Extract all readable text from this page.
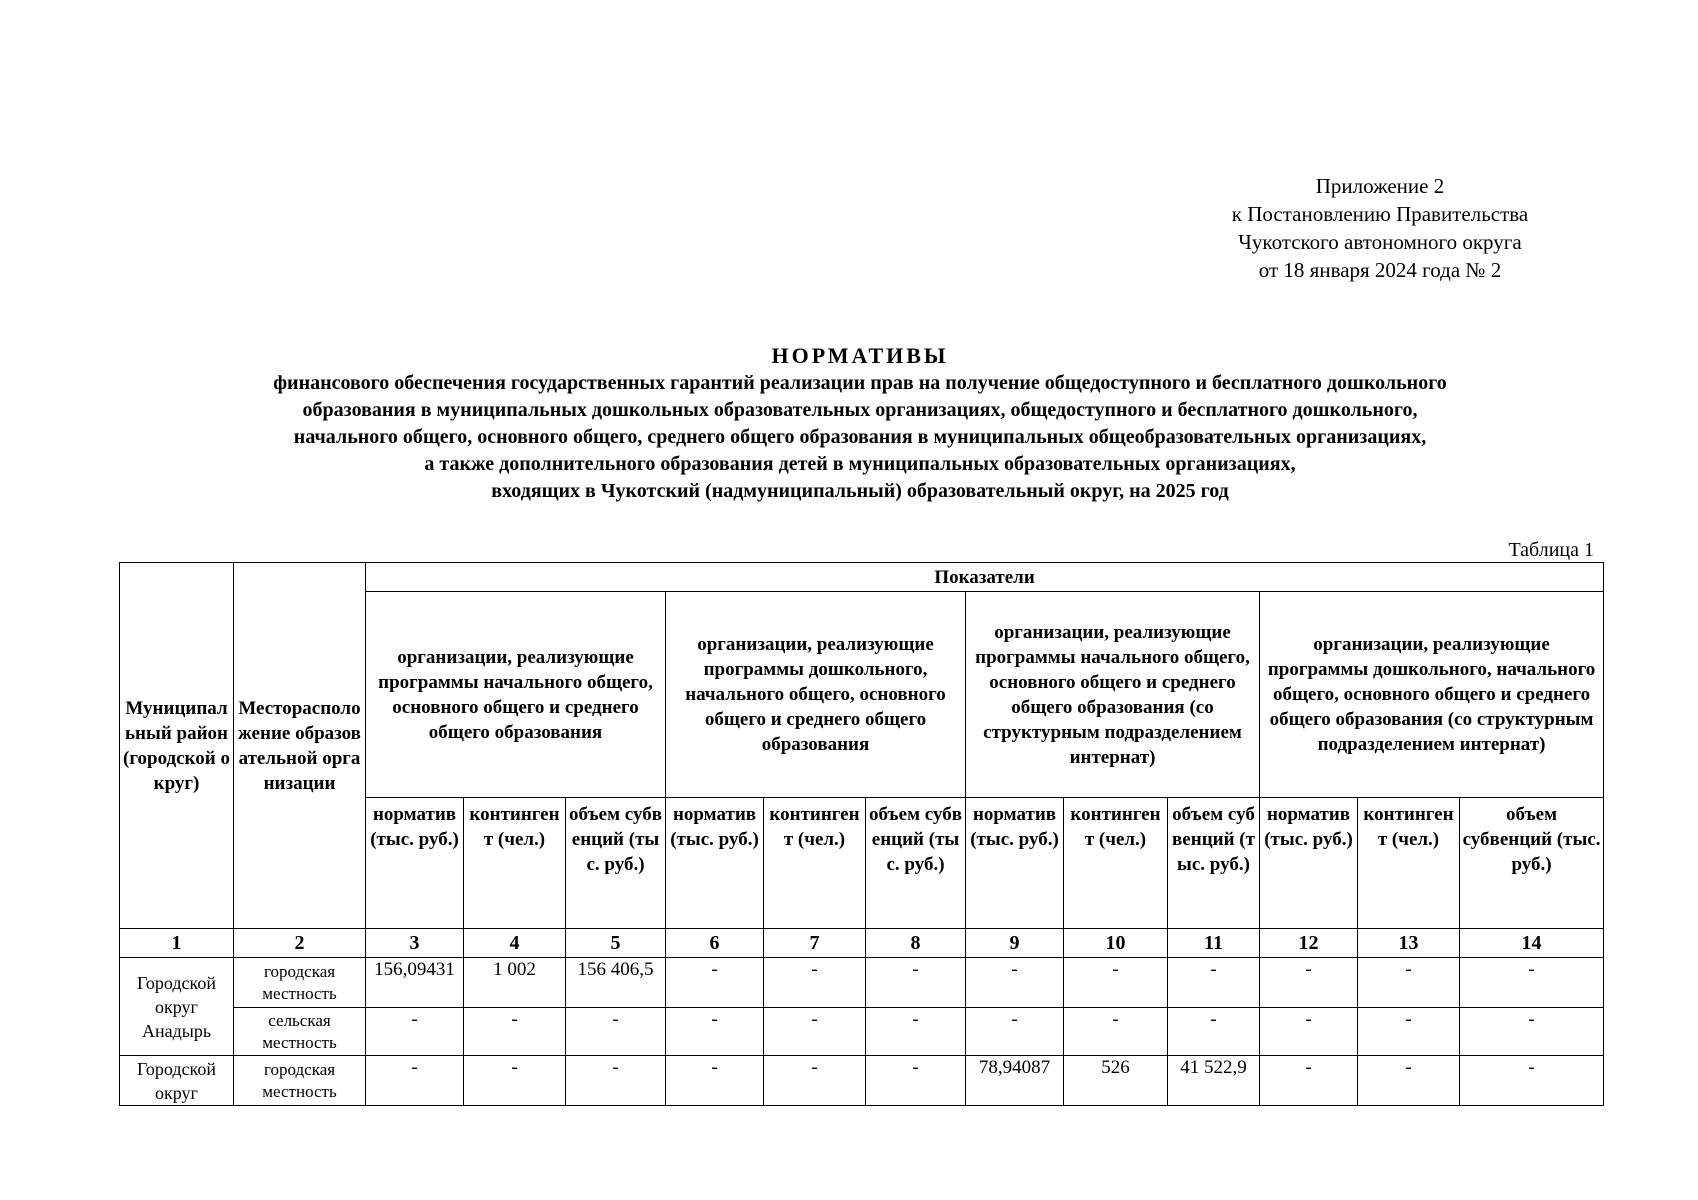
Приложение 2
к Постановлению Правительства
Чукотского автономного округа
от 18 января 2024 года № 2
НОРМАТИВЫ
финансового обеспечения государственных гарантий реализации прав на получение общедоступного и бесплатного дошкольного
образования в муниципальных дошкольных образовательных организациях, общедоступного и бесплатного дошкольного,
начального общего, основного общего, среднего общего образования в муниципальных общеобразовательных организациях,
а также дополнительного образования детей в муниципальных образовательных организациях,
входящих в Чукотский (надмуниципальный) образовательный округ, на 2025 год
Таблица 1
Муниципальный район (городской округ)	Месторасположение образовательной организации	Показатели											
		организации, реализующие программы начального общего, основного общего и среднего общего образования			организации, реализующие программы дошкольного, начального общего, основного общего и среднего общего образования			организации, реализующие программы начального общего, основного общего и среднего общего образования (со структурным подразделением интернат)			организации, реализующие программы дошкольного, начального общего, основного общего и среднего общего образования (со структурным подразделением интернат)		
		норматив (тыс. руб.)	контингент (чел.)	объем субвенций (тыс. руб.)	норматив (тыс. руб.)	контингент (чел.)	объем субвенций (тыс. руб.)	норматив (тыс. руб.)	контингент (чел.)	объем субвенций (тыс. руб.)	норматив (тыс. руб.)	контингент (чел.)	объем субвенций (тыс. руб.)
1	2	3	4	5	6	7	8	9	10	11	12	13	14
Городской округ Анадырь	городская местность	156,09431	1 002	156 406,5	-	-	-	-	-	-	-	-	-
	сельская местность	-	-	-	-	-	-	-	-	-	-	-	-
Городской округ	городская местность	-	-	-	-	-	-	78,94087	526	41 522,9	-	-	-
